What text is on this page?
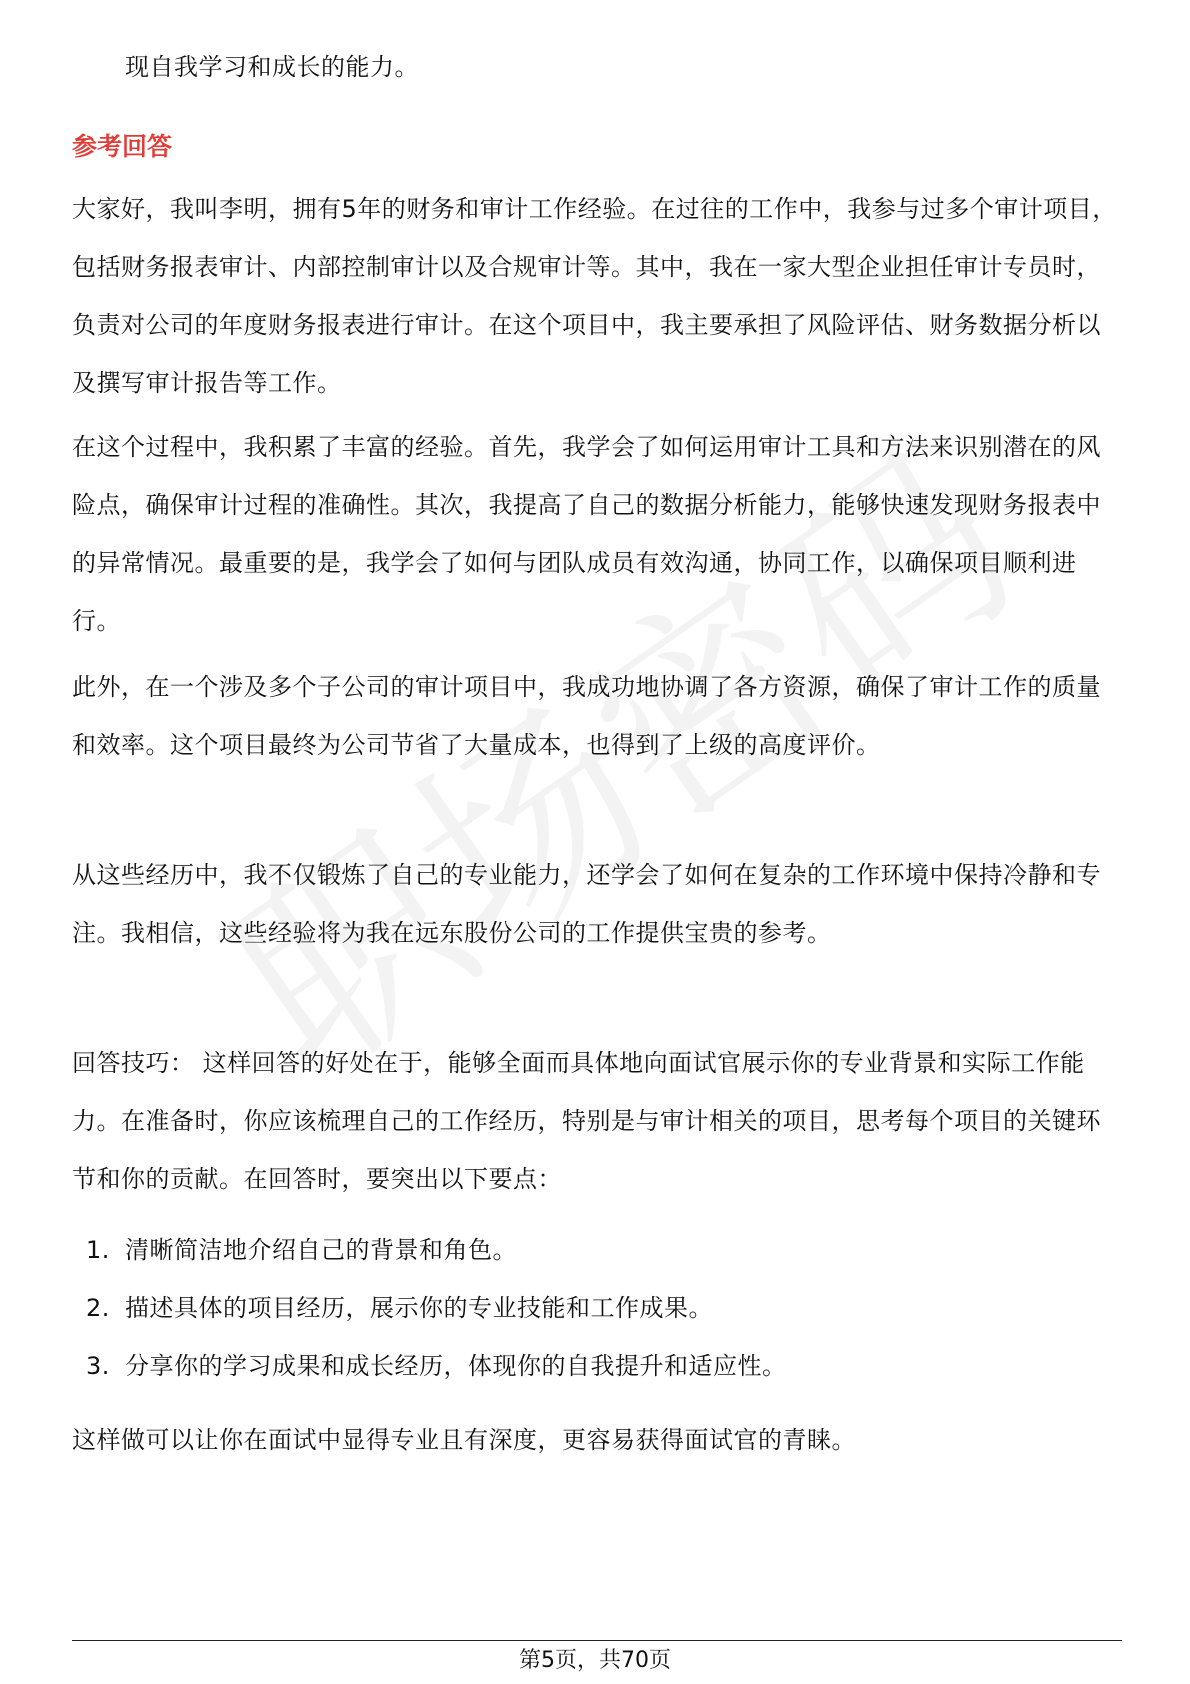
现自我学习和成长的能力。
参考回答
大家好，我叫李明，拥有5年的财务和审计工作经验。在过往的工作中，我参与过多个审计项目，包括财务报表审计、内部控制审计以及合规审计等。其中，我在一家大型企业担任审计专员时，负责对公司的年度财务报表进行审计。在这个项目中，我主要承担了风险评估、财务数据分析以及撰写审计报告等工作。
在这个过程中，我积累了丰富的经验。首先，我学会了如何运用审计工具和方法来识别潜在的风险点，确保审计过程的准确性。其次，我提高了自己的数据分析能力，能够快速发现财务报表中的异常情况。最重要的是，我学会了如何与团队成员有效沟通，协同工作，以确保项目顺利进行。
此外，在一个涉及多个子公司的审计项目中，我成功地协调了各方资源，确保了审计工作的质量和效率。这个项目最终为公司节省了大量成本，也得到了上级的高度评价。
从这些经历中，我不仅锻炼了自己的专业能力，还学会了如何在复杂的工作环境中保持冷静和专注。我相信，这些经验将为我在远东股份公司的工作提供宝贵的参考。
回答技巧： 这样回答的好处在于，能够全面而具体地向面试官展示你的专业背景和实际工作能力。在准备时，你应该梳理自己的工作经历，特别是与审计相关的项目，思考每个项目的关键环节和你的贡献。在回答时，要突出以下要点：
1. 清晰简洁地介绍自己的背景和角色。
2. 描述具体的项目经历，展示你的专业技能和工作成果。
3. 分享你的学习成果和成长经历，体现你的自我提升和适应性。
这样做可以让你在面试中显得专业且有深度，更容易获得面试官的青睐。
第5页，共70页
